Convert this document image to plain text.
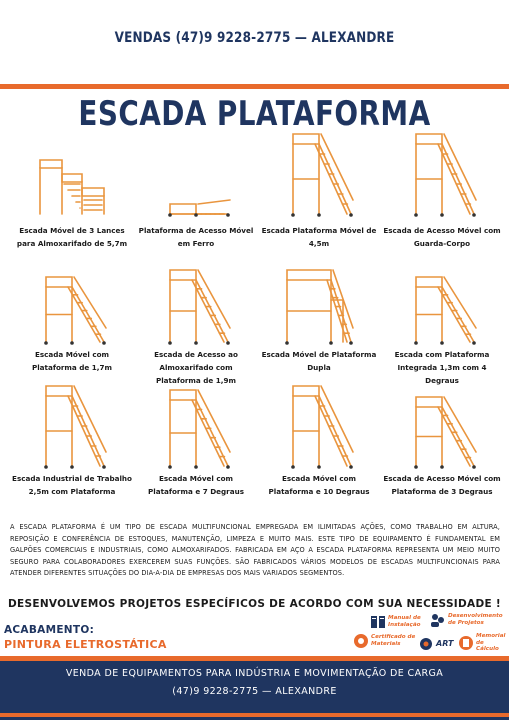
VENDAS (47)9 9228-2775 — ALEXANDRE
ESCADA PLATAFORMA
Escada Móvel de 3 Lances
para Almoxarifado de 5,7m
Plataforma de Acesso Móvel
em Ferro
Escada Plataforma Móvel de
4,5m
Escada de Acesso Móvel com
Guarda-Corpo
Escada Móvel com
Plataforma de 1,7m
Escada de Acesso ao
Almoxarifado com
Plataforma de 1,9m
Escada Móvel de Plataforma
Dupla
Escada com Plataforma
Integrada 1,3m com 4
Degraus
Escada Industrial de Trabalho
2,5m com Plataforma
Escada Móvel com
Plataforma e 7 Degraus
Escada Móvel com
Plataforma e 10 Degraus
Escada de Acesso Móvel com
Plataforma de 3 Degraus
A ESCADA PLATAFORMA É UM TIPO DE ESCADA MULTIFUNCIONAL EMPREGADA EM ILIMITADAS AÇÕES, COMO TRABALHO EM ALTURA, REPOSIÇÃO E CONFERÊNCIA DE ESTOQUES, MANUTENÇÃO, LIMPEZA E MUITO MAIS. ESTE TIPO DE EQUIPAMENTO É FUNDAMENTAL EM GALPÕES COMERCIAIS E INDUSTRIAIS, COMO ALMOXARIFADOS. FABRICADA EM AÇO A ESCADA PLATAFORMA REPRESENTA UM MEIO MUITO SEGURO PARA COLABORADORES EXERCEREM SUAS FUNÇÕES. SÃO FABRICADOS VÁRIOS MODELOS DE ESCADAS MULTIFUNCIONAIS PARA ATENDER DIFERENTES SITUAÇÕES DO DIA-A-DIA DE EMPRESAS DOS MAIS VARIADOS SEGMENTOS.
DESENVOLVEMOS PROJETOS ESPECÍFICOS DE ACORDO COM SUA NECESSIDADE !
ACABAMENTO:
PINTURA ELETROSTÁTICA
Manual de
Instalação
Desenvolvimento
de Projetos
Certificado de
Materiais	ART
Memorial de
Cálculo
VENDA DE EQUIPAMENTOS PARA INDÚSTRIA E MOVIMENTAÇÃO DE CARGA
(47)9 9228-2775 — ALEXANDRE
